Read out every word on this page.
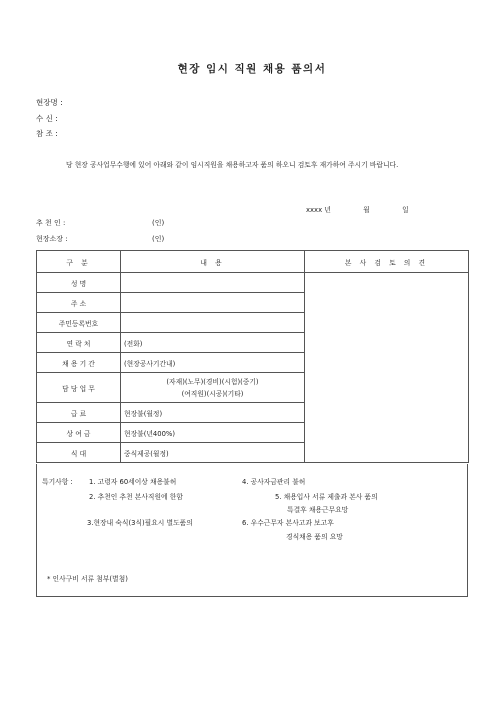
현장 임시 직원 채용 품의서
현장명 :
수 신 :
참 조 :
당 현장 공사업무수행에 있어 아래와 같이 임시직원을 채용하고자 품의 하오니 검토후 재가하여 주시기 바랍니다.
xxxx 년	월	일
추 천 인 :	(인)
현장소장 :	(인)
구 분	내 용	본 사 검 토 의 견
성 명		
주 소		
주민등록번호		
연 락 처	(전화)	
채 용 기 간	(현장공사기간내)	
담 당 업 무	(자재)(노무)(경비)(시험)(중기)
(여직원)(시공)(기타)	

급 료	현장불(월정)	
상 여 금	현장불(년400%)	
식 대	중식제공(월정)	
특기사항 : 1. 고령자 60세이상 채용불허
2. 추천인 추천 본사직원에 한함
3.현장내 숙식(3식)필요시 별도품의
4. 공사자금관리 불허
5. 채용입사 서류 제출과 본사 품의
특결후 채용근무요망
6. 우수근무자 본사고과 보고후
경식채용 품의 요망
* 인사구비 서류 첨부(별첨)
